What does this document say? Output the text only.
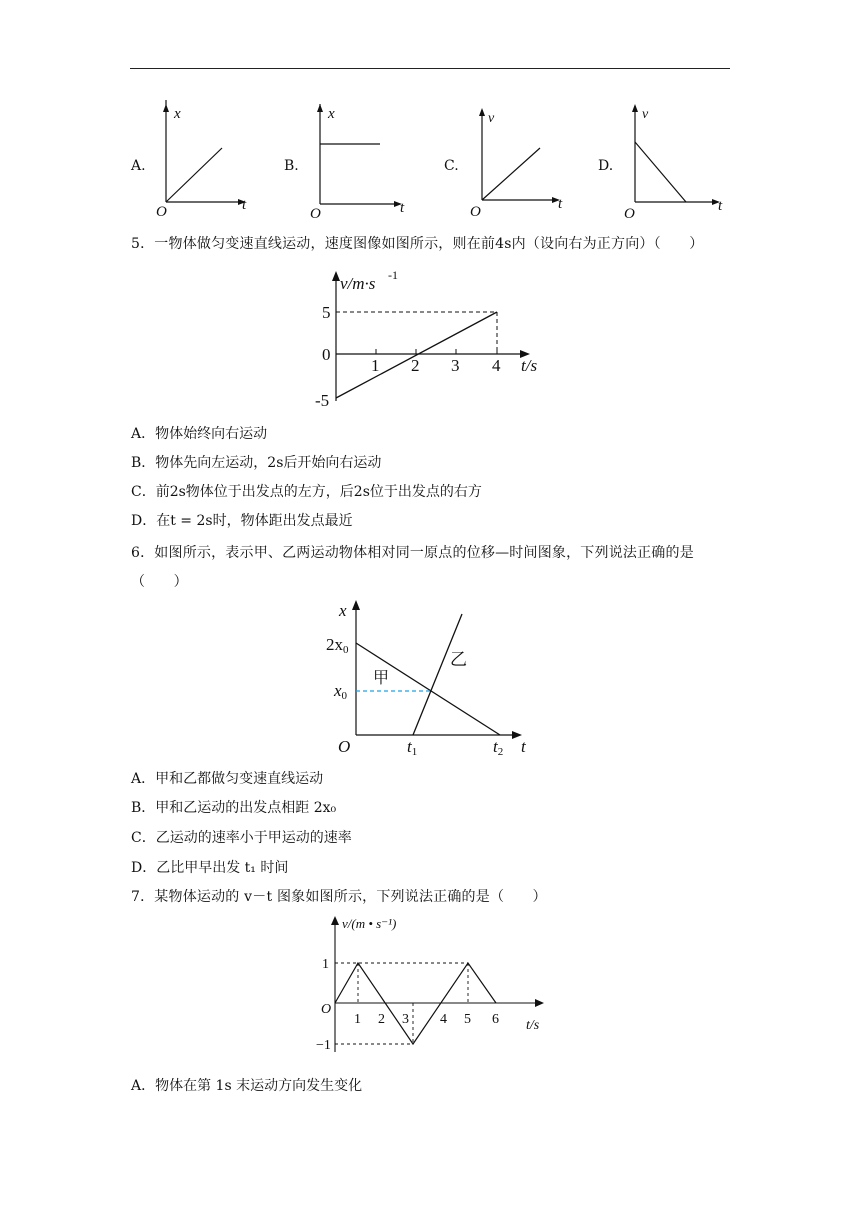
A.
x
t
O
B.
x
t
O
C.
v
t
O
D.
v
t
O
5．一物体做匀变速直线运动，速度图像如图所示，则在前4s内（设向右为正方向）（　　）
v/m·s -1
5
0
-5
1 2 3 4 t/s
A．物体始终向右运动
B．物体先向左运动，2s后开始向右运动
C．前2s物体位于出发点的左方，后2s位于出发点的右方
D．在t = 2s时，物体距出发点最近
6．如图所示，表示甲、乙两运动物体相对同一原点的位移—时间图象，下列说法正确的是
（　　）
x
2x0
x0
O	t1	t2 t
甲
乙
A．甲和乙都做匀变速直线运动
B．甲和乙运动的出发点相距 2x₀
C．乙运动的速率小于甲运动的速率
D．乙比甲早出发 t₁ 时间
7．某物体运动的 v－t 图象如图所示，下列说法正确的是（　　）
v/(m • s⁻¹)
1
−1
O
1 2 3 4 5 6 t/s
A．物体在第 1s 末运动方向发生变化
